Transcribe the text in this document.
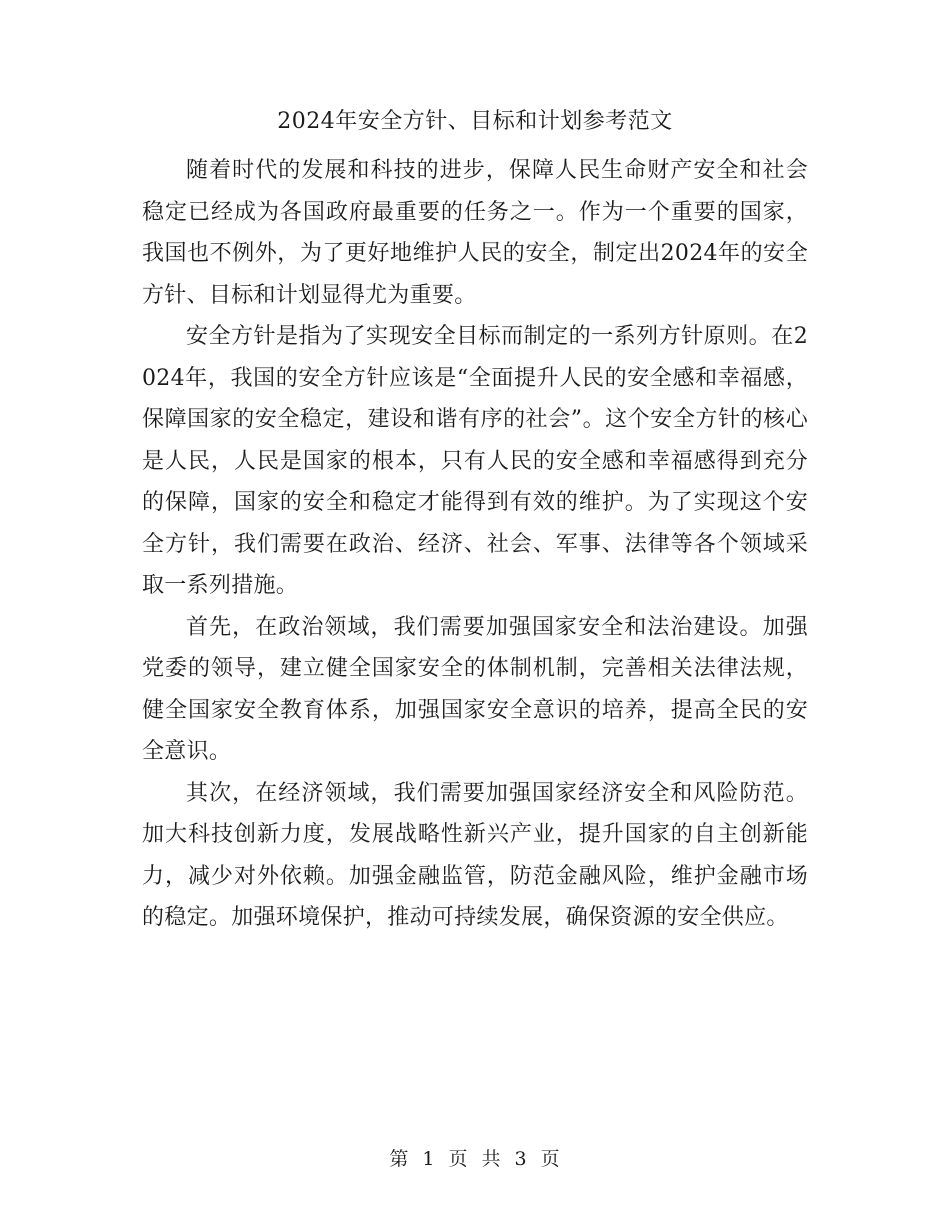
2024年安全方针、目标和计划参考范文

随着时代的发展和科技的进步，保障人民生命财产安全和社会稳定已经成为各国政府最重要的任务之一。作为一个重要的国家，我国也不例外，为了更好地维护人民的安全，制定出2024年的安全方针、目标和计划显得尤为重要。

安全方针是指为了实现安全目标而制定的一系列方针原则。在2024年，我国的安全方针应该是“全面提升人民的安全感和幸福感，保障国家的安全稳定，建设和谐有序的社会”。这个安全方针的核心是人民，人民是国家的根本，只有人民的安全感和幸福感得到充分的保障，国家的安全和稳定才能得到有效的维护。为了实现这个安全方针，我们需要在政治、经济、社会、军事、法律等各个领域采取一系列措施。

首先，在政治领域，我们需要加强国家安全和法治建设。加强党委的领导，建立健全国家安全的体制机制，完善相关法律法规，健全国家安全教育体系，加强国家安全意识的培养，提高全民的安全意识。

其次，在经济领域，我们需要加强国家经济安全和风险防范。加大科技创新力度，发展战略性新兴产业，提升国家的自主创新能力，减少对外依赖。加强金融监管，防范金融风险，维护金融市场的稳定。加强环境保护，推动可持续发展，确保资源的安全供应。

第 1 页 共 3 页
